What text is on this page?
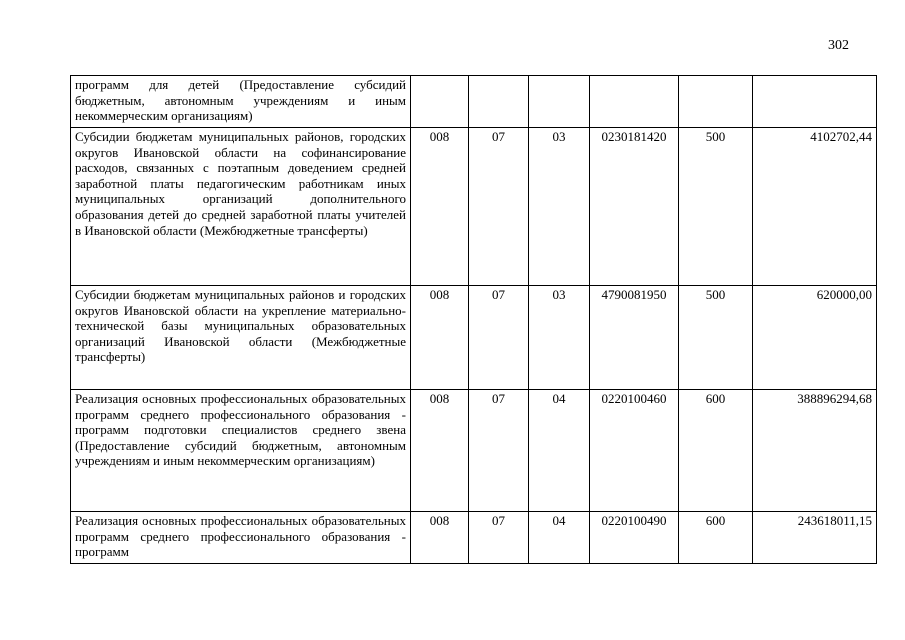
302
программ для детей (Предоставление субсидий бюджетным, автономным учреждениям и иным некоммерческим организациям)						
Субсидии бюджетам муниципальных районов, городских округов Ивановской области на софинансирование расходов, связанных с поэтапным доведением средней заработной платы педагогическим работникам иных муниципальных организаций дополнительного образования детей до средней заработной платы учителей в Ивановской области (Межбюджетные трансферты)	008	07	03	0230181420	500	4102702,44
Субсидии бюджетам муниципальных районов и городских округов Ивановской области на укрепление материально-технической базы муниципальных образовательных организаций Ивановской области (Межбюджетные трансферты)	008	07	03	4790081950	500	620000,00
Реализация основных профессиональных образовательных программ среднего профессионального образования - программ подготовки специалистов среднего звена (Предоставление субсидий бюджетным, автономным учреждениям и иным некоммерческим организациям)	008	07	04	0220100460	600	388896294,68
Реализация основных профессиональных образовательных программ среднего профессионального образования - программ	008	07	04	0220100490	600	243618011,15
